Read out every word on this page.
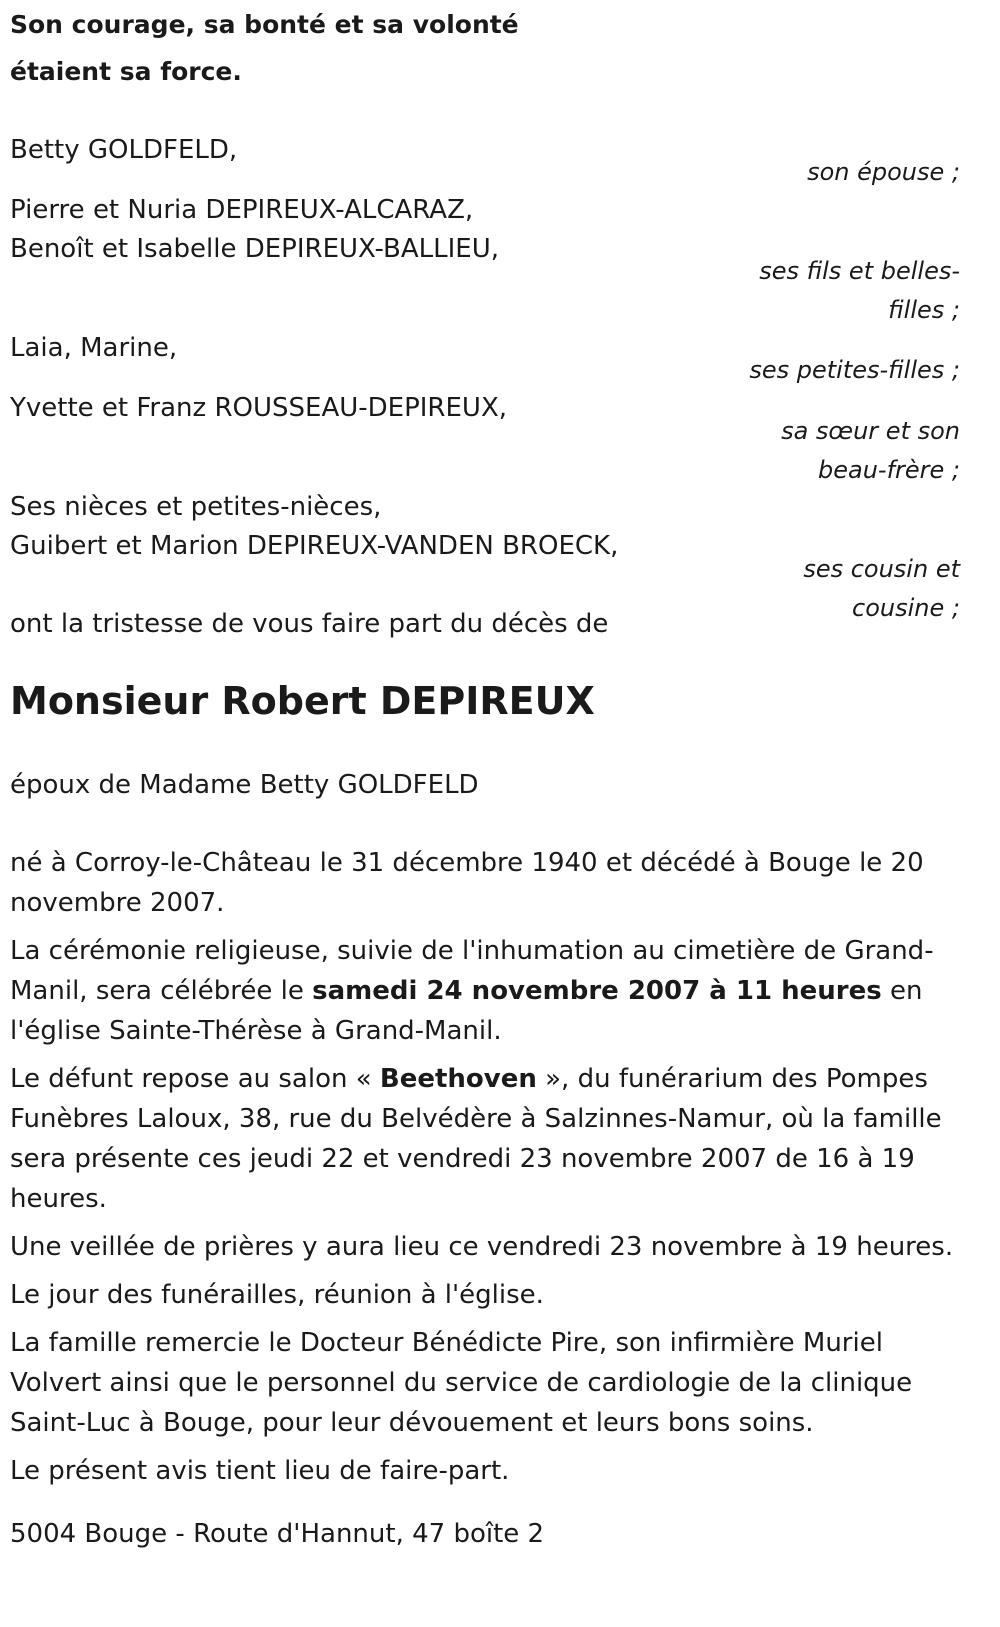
Son courage, sa bonté et sa volonté
étaient sa force.
Betty GOLDFELD,
Pierre et Nuria DEPIREUX-ALCARAZ,
Benoît et Isabelle DEPIREUX-BALLIEU,
Laia, Marine,
Yvette et Franz ROUSSEAU-DEPIREUX,
Ses nièces et petites-nièces,
Guibert et Marion DEPIREUX-VANDEN BROECK,
ont la tristesse de vous faire part du décès de
son épouse ;
ses fils et belles-
filles ;
ses petites-filles ;
sa sœur et son
beau-frère ;
ses cousin et
cousine ;
Monsieur Robert DEPIREUX
époux de Madame Betty GOLDFELD

né à Corroy-le-Château le 31 décembre 1940 et décédé à Bouge le 20 novembre 2007.

La cérémonie religieuse, suivie de l'inhumation au cimetière de Grand-Manil, sera célébrée le samedi 24 novembre 2007 à 11 heures en l'église Sainte-Thérèse à Grand-Manil.

Le défunt repose au salon « Beethoven », du funérarium des Pompes Funèbres Laloux, 38, rue du Belvédère à Salzinnes-Namur, où la famille sera présente ces jeudi 22 et vendredi 23 novembre 2007 de 16 à 19 heures.

Une veillée de prières y aura lieu ce vendredi 23 novembre à 19 heures.

Le jour des funérailles, réunion à l'église.

La famille remercie le Docteur Bénédicte Pire, son infirmière Muriel Volvert ainsi que le personnel du service de cardiologie de la clinique Saint-Luc à Bouge, pour leur dévouement et leurs bons soins.

Le présent avis tient lieu de faire-part.

5004 Bouge - Route d'Hannut, 47 boîte 2
